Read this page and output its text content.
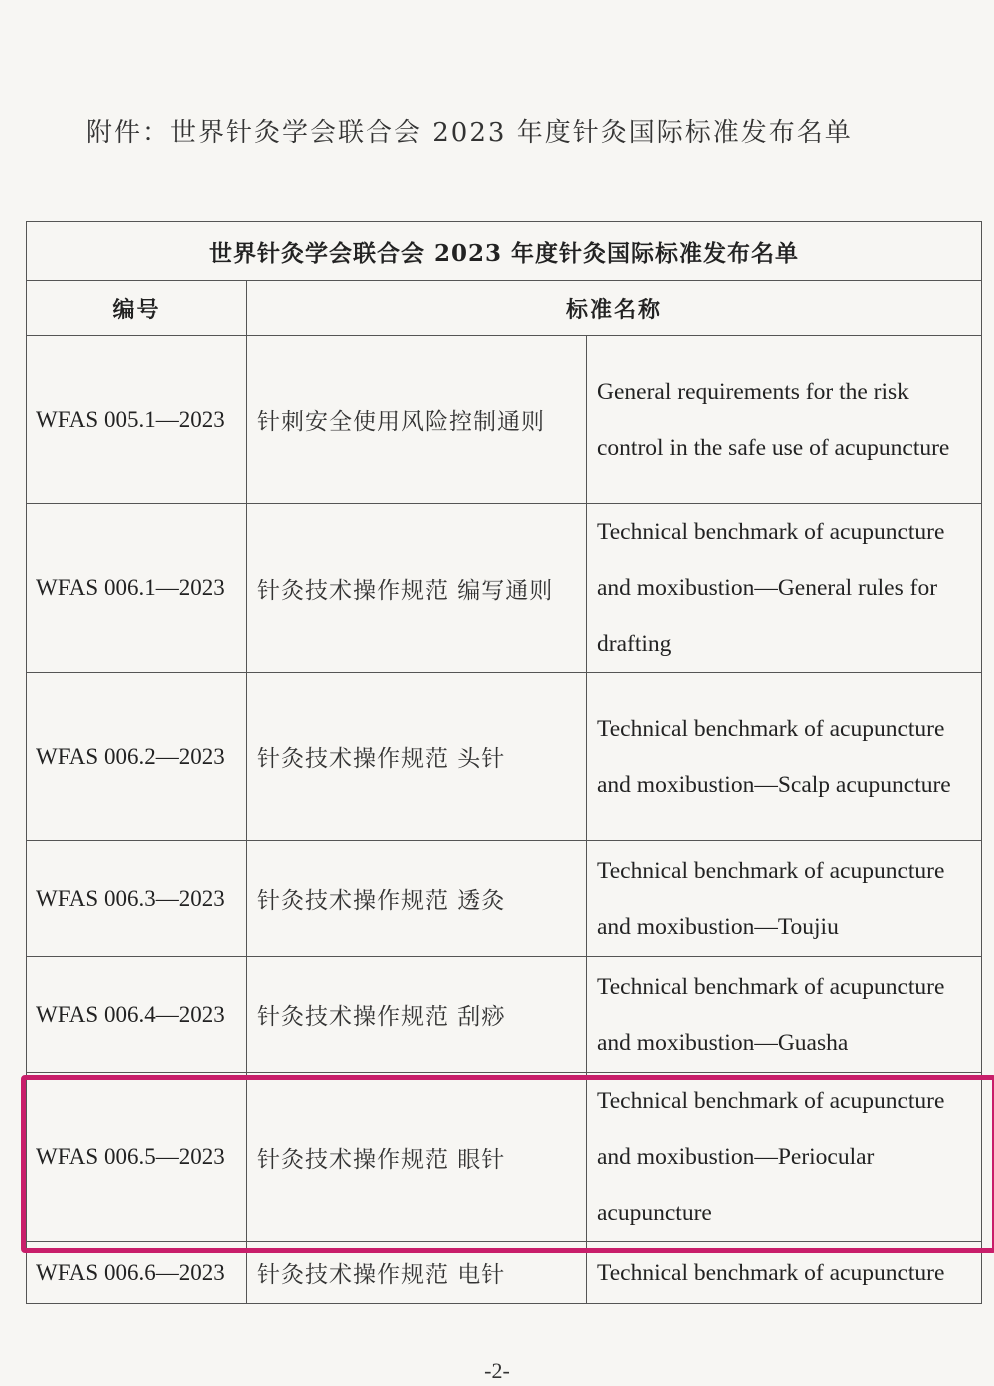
附件：世界针灸学会联合会 2023 年度针灸国际标准发布名单
世界针灸学会联合会 2023 年度针灸国际标准发布名单		
编号	标准名称	
WFAS 005.1—2023	针刺安全使用风险控制通则	General requirements for the risk control in the safe use of acupuncture
WFAS 006.1—2023	针灸技术操作规范 编写通则	Technical benchmark of acupuncture and moxibustion—General rules for drafting
WFAS 006.2—2023	针灸技术操作规范 头针	Technical benchmark of acupuncture and moxibustion—Scalp acupuncture
WFAS 006.3—2023	针灸技术操作规范 透灸	Technical benchmark of acupuncture and moxibustion—Toujiu
WFAS 006.4—2023	针灸技术操作规范 刮痧	Technical benchmark of acupuncture and moxibustion—Guasha
WFAS 006.5—2023	针灸技术操作规范 眼针	Technical benchmark of acupuncture and moxibustion—Periocular acupuncture
WFAS 006.6—2023	针灸技术操作规范 电针	Technical benchmark of acupuncture
-2-
